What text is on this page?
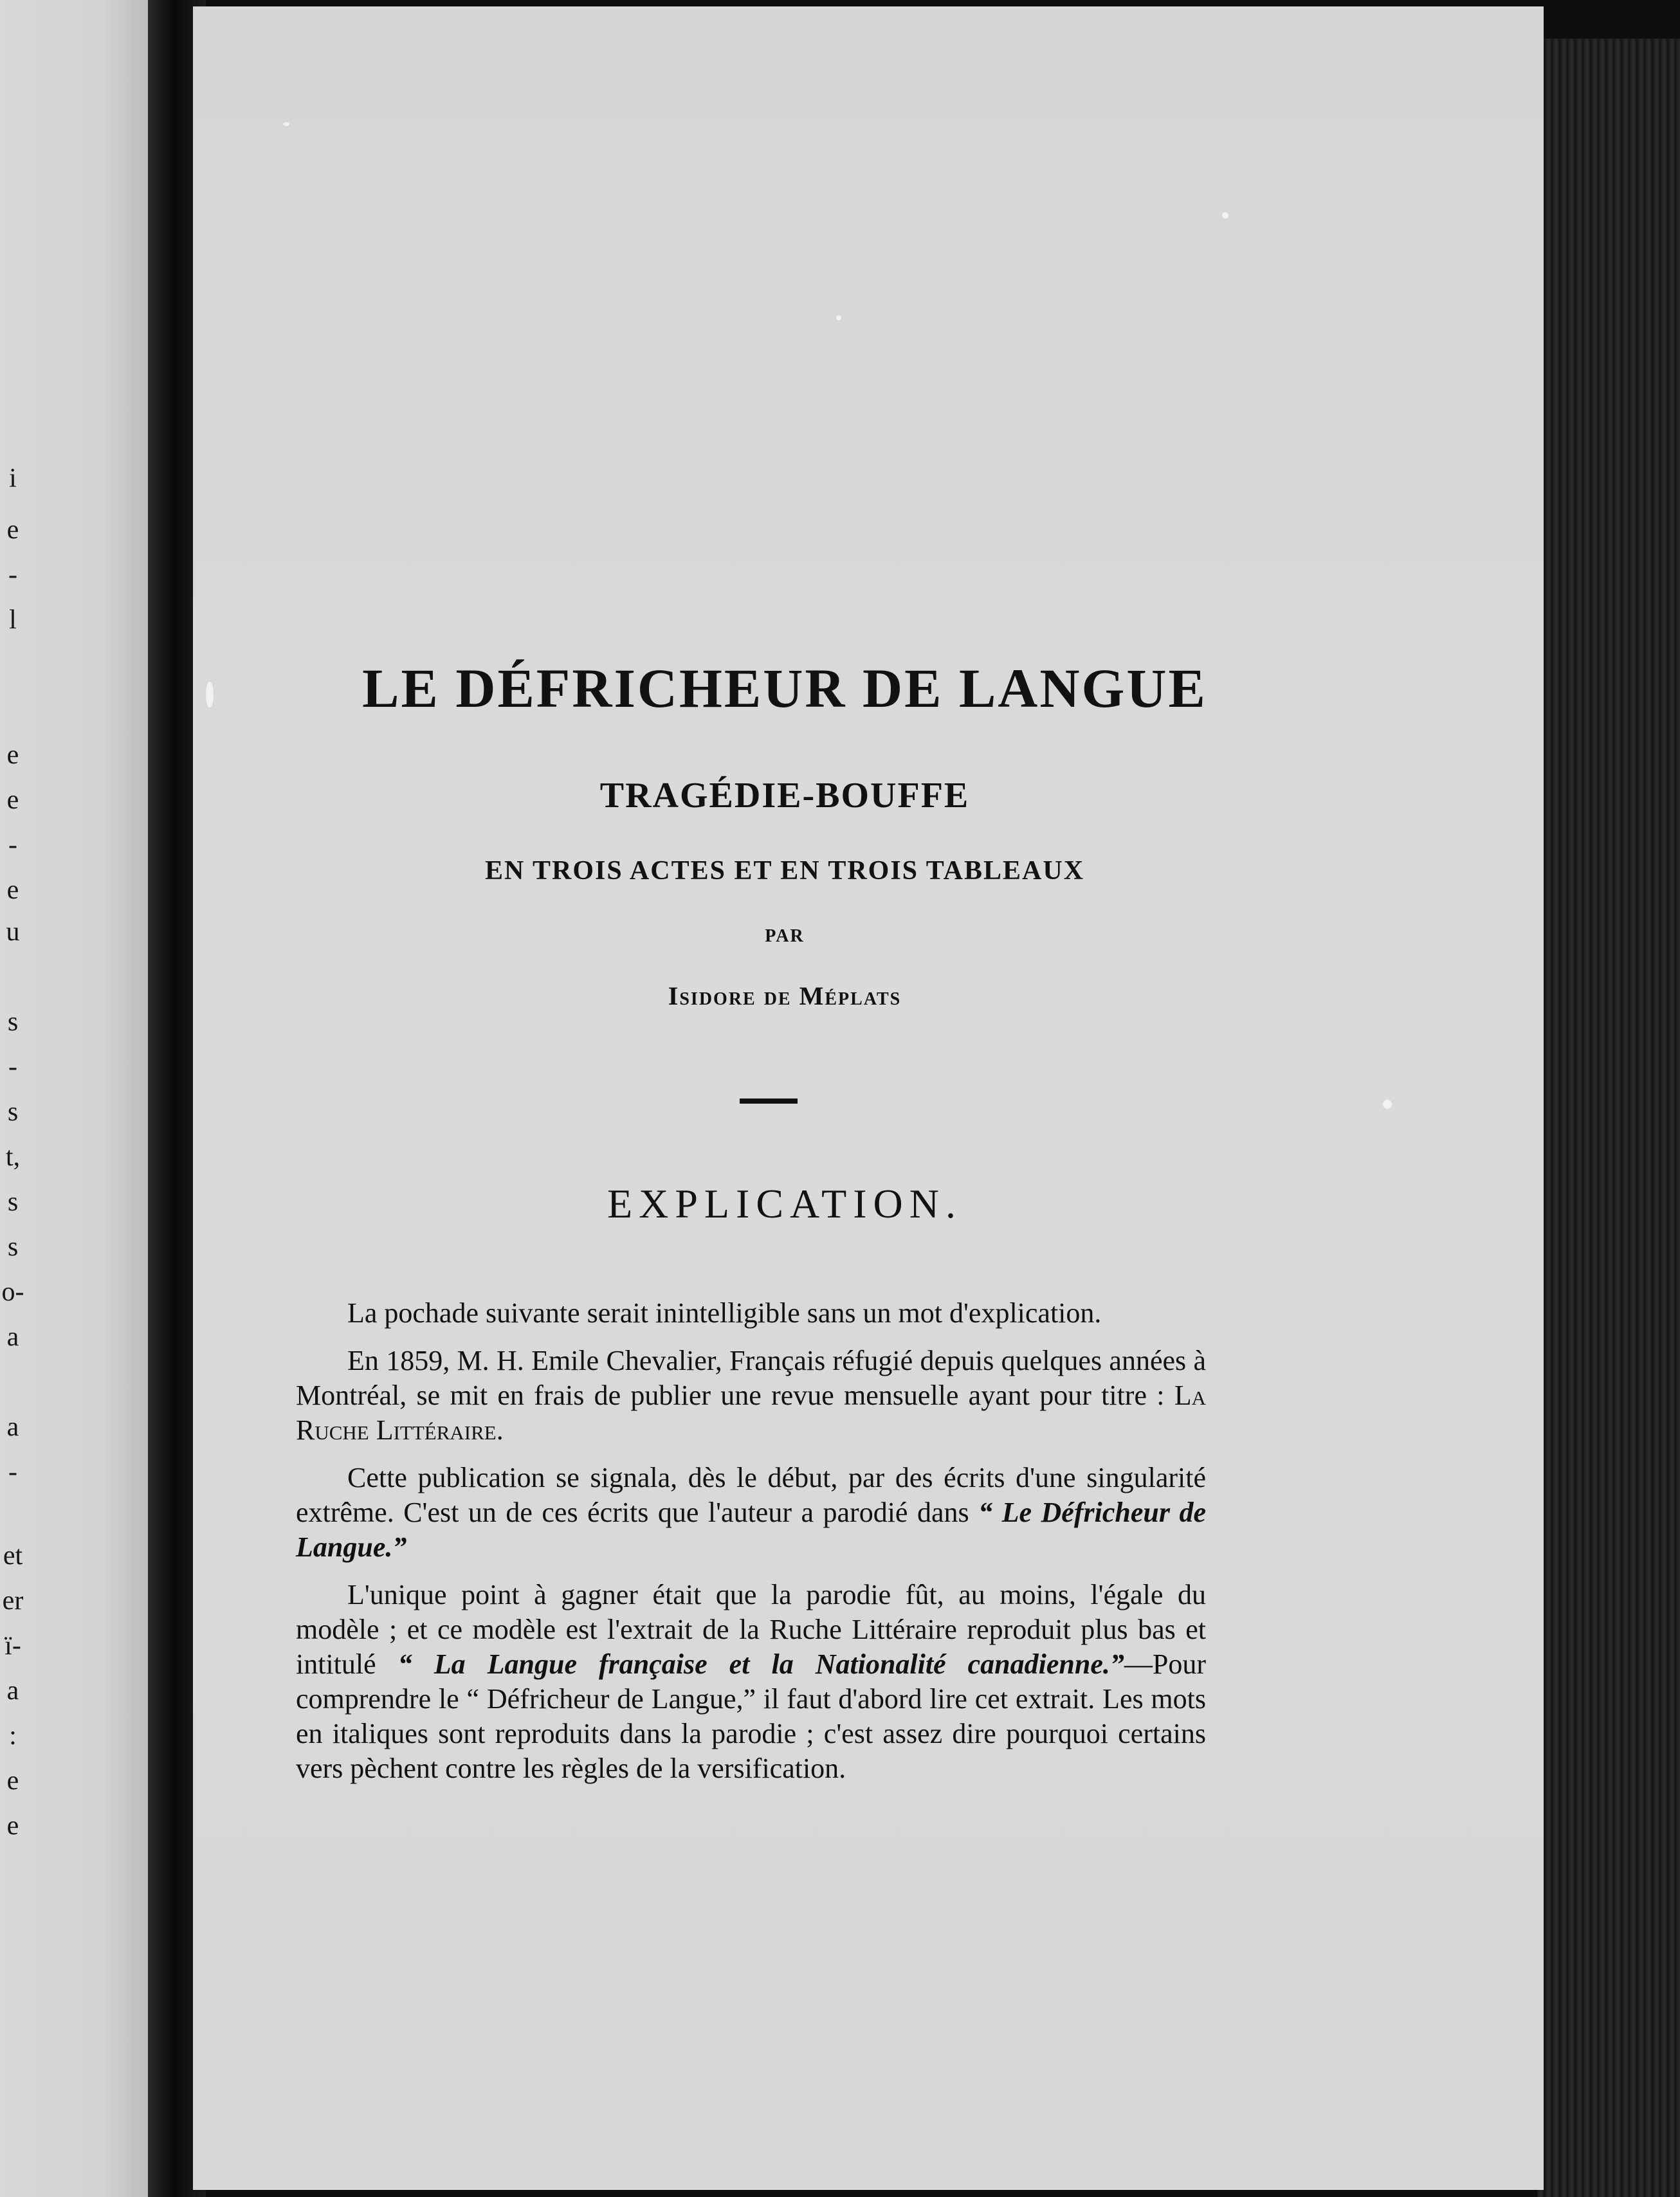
i
e
-
l
e
e
-
e
u
s
-
s
t,
s
s
o-
a
a
-
et
er
ï-
a
:
e
e
LE DÉFRICHEUR DE LANGUE
TRAGÉDIE-BOUFFE
EN TROIS ACTES ET EN TROIS TABLEAUX
PAR
Isidore de Méplats
EXPLICATION.

La pochade suivante serait inintelligible sans un mot d'explication.

En 1859, M. H. Emile Chevalier, Français réfugié depuis quelques années à Montréal, se mit en frais de publier une revue mensuelle ayant pour titre : La Ruche Littéraire.

Cette publication se signala, dès le début, par des écrits d'une singularité extrême. C'est un de ces écrits que l'auteur a parodié dans “ Le Défricheur de Langue.”

L'unique point à gagner était que la parodie fût, au moins, l'égale du modèle ; et ce modèle est l'extrait de la Ruche Littéraire reproduit plus bas et intitulé “ La Langue française et la Nationalité canadienne.”—Pour comprendre le “ Défricheur de Langue,” il faut d'abord lire cet extrait. Les mots en italiques sont reproduits dans la parodie ; c'est assez dire pourquoi certains vers pèchent contre les règles de la versification.
